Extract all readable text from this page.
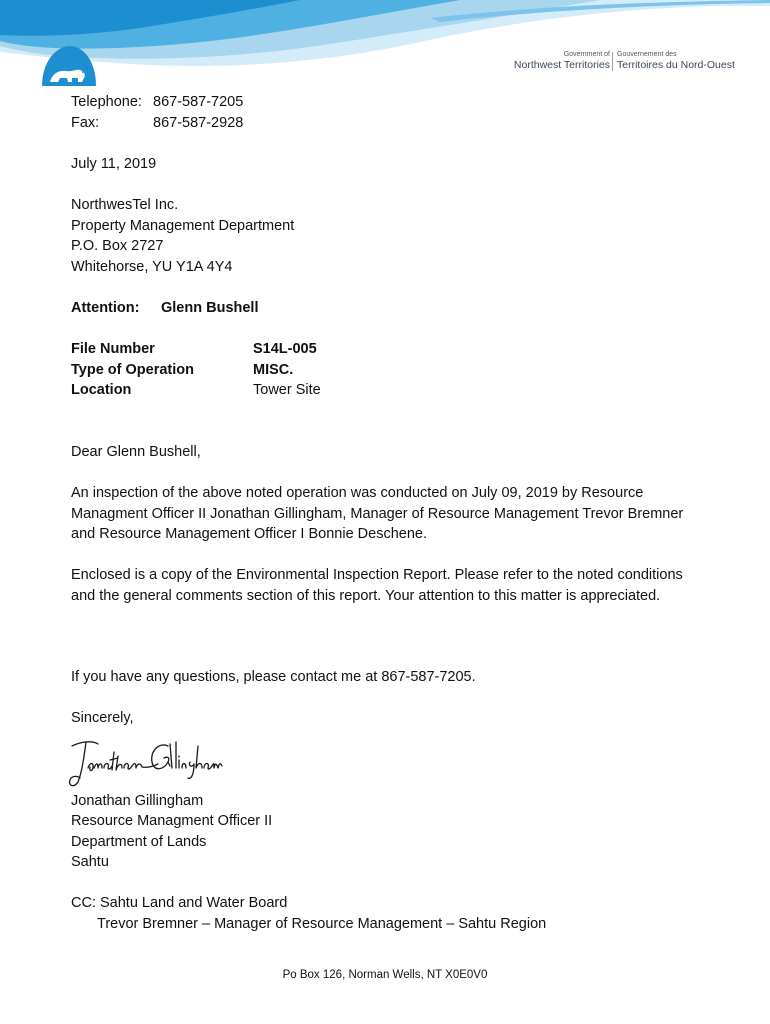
Government of
Northwest Territories
Gouvernement des
Territoires du Nord-Ouest
Telephone: 867-587-7205
Fax:	867-587-2928
July 11, 2019
NorthwesTel Inc.
Property Management Department
P.O. Box 2727
Whitehorse, YU Y1A 4Y4
Attention: Glenn Bushell
File Number	S14L-005
Type of Operation	MISC.
Location	Tower Site
Dear Glenn Bushell,
An inspection of the above noted operation was conducted on July 09, 2019 by Resource Managment Officer II Jonathan Gillingham, Manager of Resource Management Trevor Bremner and Resource Management Officer I Bonnie Deschene.
Enclosed is a copy of the Environmental Inspection Report. Please refer to the noted conditions and the general comments section of this report. Your attention to this matter is appreciated.
If you have any questions, please contact me at 867-587-7205.
Sincerely,
Jonathan Gillingham
Resource Managment Officer II
Department of Lands
Sahtu
CC: Sahtu Land and Water Board
Trevor Bremner – Manager of Resource Management – Sahtu Region
Po Box 126, Norman Wells, NT X0E0V0
